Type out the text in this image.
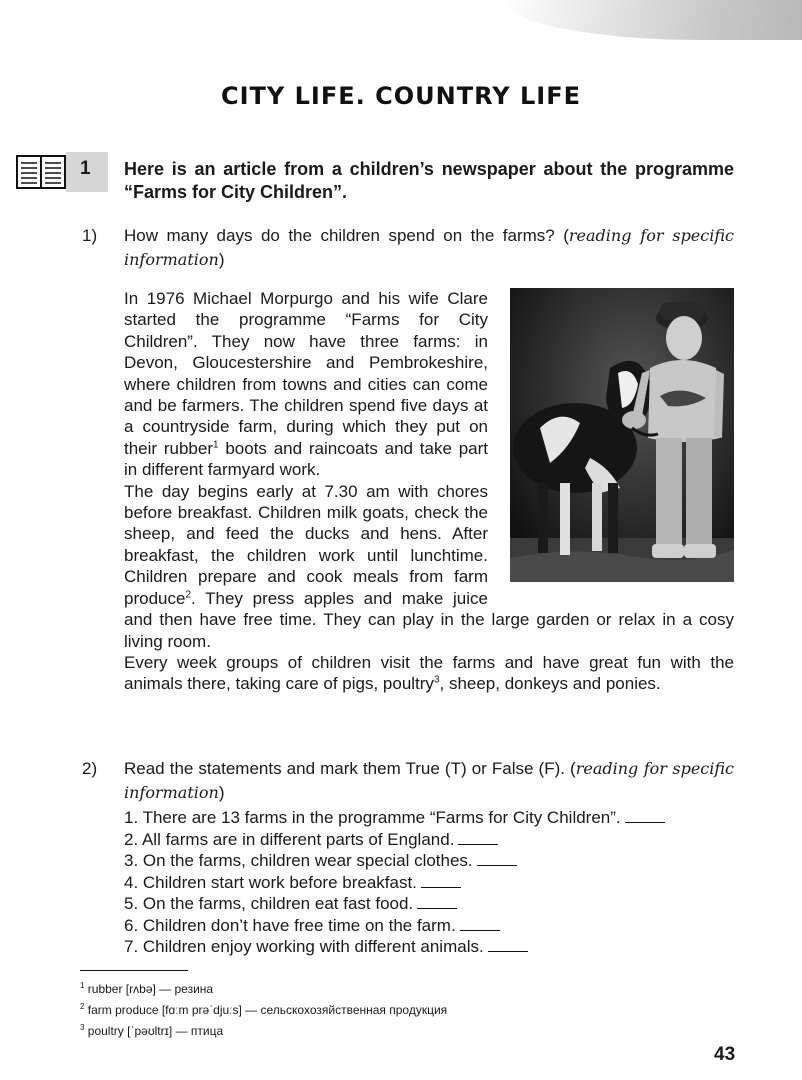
CITY LIFE. COUNTRY LIFE
1 Here is an article from a children’s newspaper about the programme “Farms for City Children”.
1) How many days do the children spend on the farms? (reading for specific information)

In 1976 Michael Morpurgo and his wife Clare started the programme “Farms for City Children”. They now have three farms: in Devon, Gloucestershire and Pembrokeshire, where children from towns and cities can come and be farmers. The children spend five days at a countryside farm, during which they put on their rubber$^1$ boots and raincoats and take part in different farmyard work.

The day begins early at 7.30 am with chores before breakfast. Children milk goats, check the sheep, and feed the ducks and hens. After breakfast, the children work until lunchtime. Children prepare and cook meals from farm produce$^2$. They press apples and make juice and then have free time. They can play in the large garden or relax in a cosy living room.

Every week groups of children visit the farms and have great fun with the animals there, taking care of pigs, poultry$^3$, sheep, donkeys and ponies.

2) Read the statements and mark them True (T) or False (F). (reading for specific information)
1. There are 13 farms in the programme “Farms for City Children”.
2. All farms are in different parts of England.
3. On the farms, children wear special clothes.
4. Children start work before breakfast.
5. On the farms, children eat fast food.
6. Children don’t have free time on the farm.
7. Children enjoy working with different animals.
$^1$ rubber [rʌbə] — резина
$^2$ farm produce [fɑːm prəˈdjuːs] — сельскохозяйственная продукция
$^3$ poultry [ˈpəʊltrɪ] — птица
43
